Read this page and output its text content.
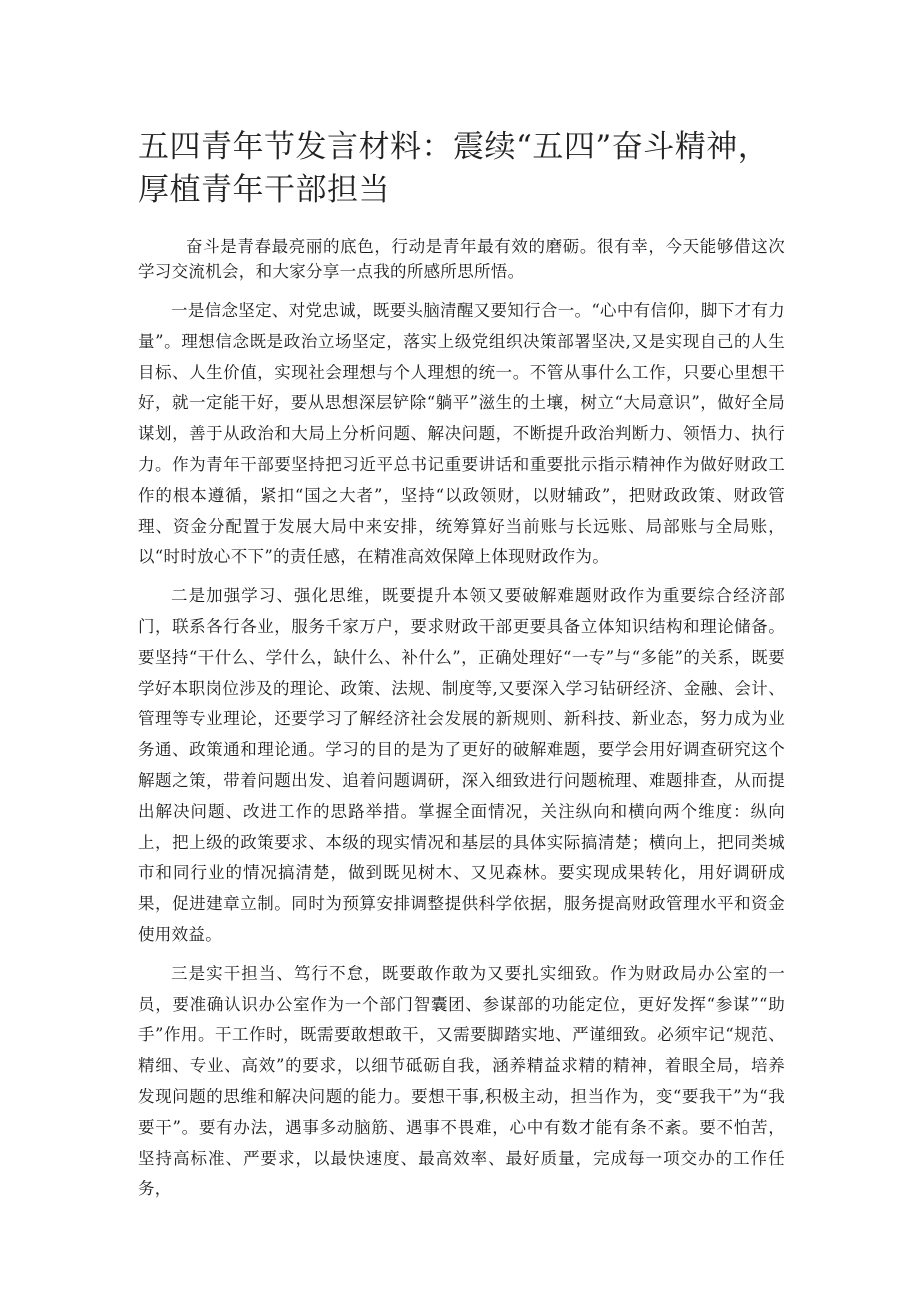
五四青年节发言材料：震续“五四”奋斗精神，厚植青年干部担当

奋斗是青春最亮丽的底色，行动是青年最有效的磨砺。很有幸，今天能够借这次学习交流机会，和大家分享一点我的所感所思所悟。

一是信念坚定、对党忠诚，既要头脑清醒又要知行合一。“心中有信仰，脚下才有力量”。理想信念既是政治立场坚定，落实上级党组织决策部署坚决,又是实现自己的人生目标、人生价值，实现社会理想与个人理想的统一。不管从事什么工作，只要心里想干好，就一定能干好，要从思想深层铲除“躺平”滋生的土壤，树立“大局意识”，做好全局谋划，善于从政治和大局上分析问题、解决问题，不断提升政治判断力、领悟力、执行力。作为青年干部要坚持把习近平总书记重要讲话和重要批示指示精神作为做好财政工作的根本遵循，紧扣“国之大者”，坚持“以政领财，以财辅政”，把财政政策、财政管理、资金分配置于发展大局中来安排，统筹算好当前账与长远账、局部账与全局账，以“时时放心不下”的责任感，在精准高效保障上体现财政作为。

二是加强学习、强化思维，既要提升本领又要破解难题财政作为重要综合经济部门，联系各行各业，服务千家万户，要求财政干部更要具备立体知识结构和理论储备。要坚持“干什么、学什么，缺什么、补什么”，正确处理好“一专”与“多能”的关系，既要学好本职岗位涉及的理论、政策、法规、制度等,又要深入学习钻研经济、金融、会计、管理等专业理论，还要学习了解经济社会发展的新规则、新科技、新业态，努力成为业务通、政策通和理论通。学习的目的是为了更好的破解难题，要学会用好调查研究这个解题之策，带着问题出发、追着问题调研，深入细致进行问题梳理、难题排查，从而提出解决问题、改进工作的思路举措。掌握全面情况，关注纵向和横向两个维度：纵向上，把上级的政策要求、本级的现实情况和基层的具体实际搞清楚；横向上，把同类城市和同行业的情况搞清楚，做到既见树木、又见森林。要实现成果转化，用好调研成果，促进建章立制。同时为预算安排调整提供科学依据，服务提高财政管理水平和资金使用效益。

三是实干担当、笃行不怠，既要敢作敢为又要扎实细致。作为财政局办公室的一员，要准确认识办公室作为一个部门智囊团、参谋部的功能定位，更好发挥“参谋”“助手”作用。干工作时，既需要敢想敢干，又需要脚踏实地、严谨细致。必须牢记“规范、精细、专业、高效”的要求，以细节砥砺自我，涵养精益求精的精神，着眼全局，培养发现问题的思维和解决问题的能力。要想干事,积极主动，担当作为，变“要我干”为“我要干”。要有办法，遇事多动脑筋、遇事不畏难，心中有数才能有条不紊。要不怕苦，坚持高标准、严要求，以最快速度、最高效率、最好质量，完成每一项交办的工作任务，
